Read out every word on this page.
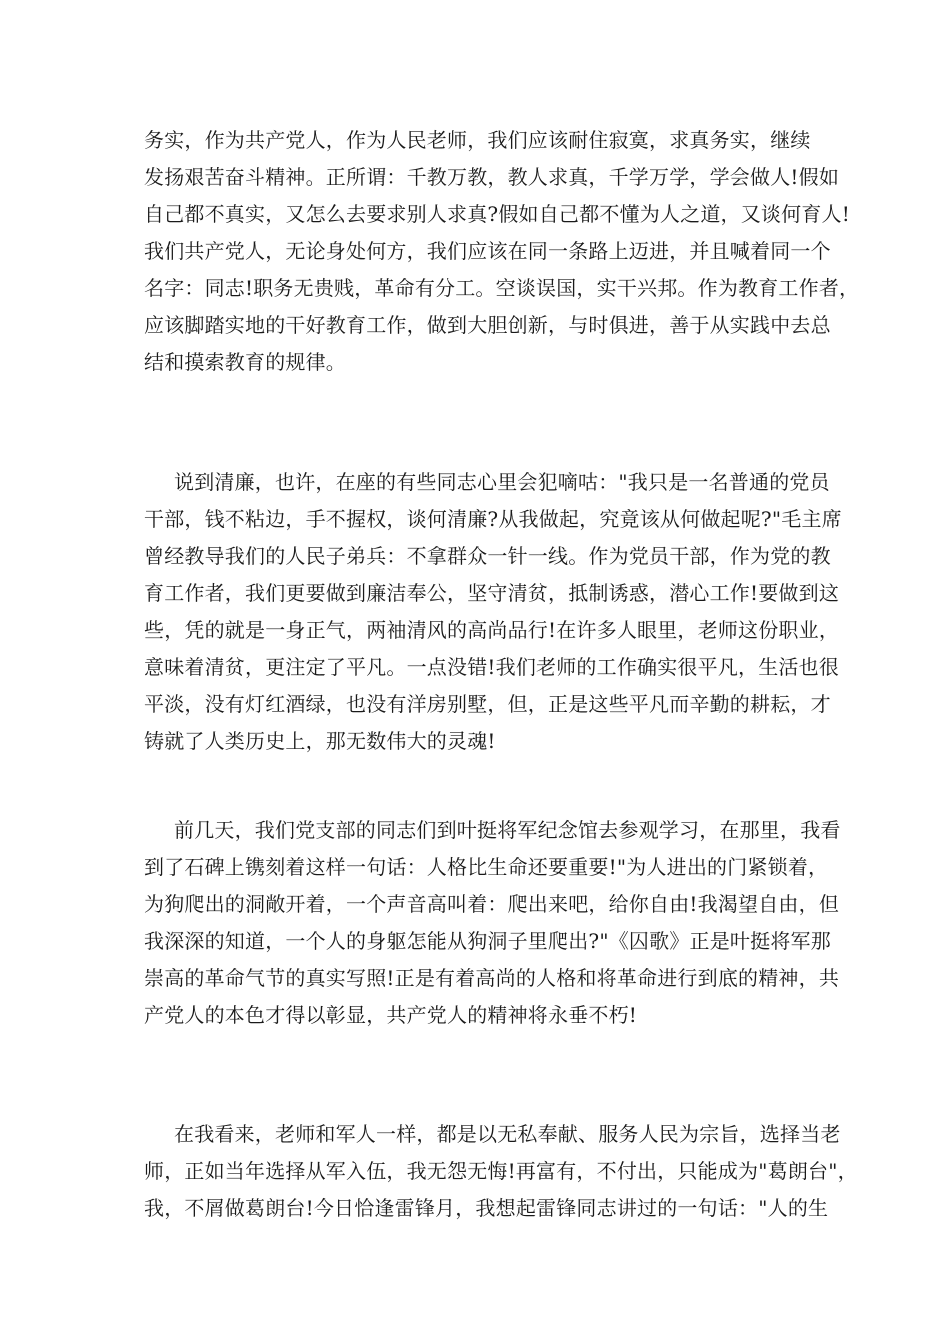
务实，作为共产党人，作为人民老师，我们应该耐住寂寞，求真务实，继续
发扬艰苦奋斗精神。正所谓：千教万教，教人求真，千学万学，学会做人!假如
自己都不真实，又怎么去要求别人求真?假如自己都不懂为人之道，又谈何育人!
我们共产党人，无论身处何方，我们应该在同一条路上迈进，并且喊着同一个
名字：同志!职务无贵贱，革命有分工。空谈误国，实干兴邦。作为教育工作者，
应该脚踏实地的干好教育工作，做到大胆创新，与时俱进，善于从实践中去总
结和摸索教育的规律。
说到清廉，也许，在座的有些同志心里会犯嘀咕："我只是一名普通的党员
干部，钱不粘边，手不握权，谈何清廉?从我做起，究竟该从何做起呢?"毛主席
曾经教导我们的人民子弟兵：不拿群众一针一线。作为党员干部，作为党的教
育工作者，我们更要做到廉洁奉公，坚守清贫，抵制诱惑，潜心工作!要做到这
些，凭的就是一身正气，两袖清风的高尚品行!在许多人眼里，老师这份职业，
意味着清贫，更注定了平凡。一点没错!我们老师的工作确实很平凡，生活也很
平淡，没有灯红酒绿，也没有洋房别墅，但，正是这些平凡而辛勤的耕耘，才
铸就了人类历史上，那无数伟大的灵魂!
前几天，我们党支部的同志们到叶挺将军纪念馆去参观学习，在那里，我看
到了石碑上镌刻着这样一句话：人格比生命还要重要!"为人进出的门紧锁着，
为狗爬出的洞敞开着，一个声音高叫着：爬出来吧，给你自由!我渴望自由，但
我深深的知道，一个人的身躯怎能从狗洞子里爬出?"《囚歌》正是叶挺将军那
崇高的革命气节的真实写照!正是有着高尚的人格和将革命进行到底的精神，共
产党人的本色才得以彰显，共产党人的精神将永垂不朽!
在我看来，老师和军人一样，都是以无私奉献、服务人民为宗旨，选择当老
师，正如当年选择从军入伍，我无怨无悔!再富有，不付出，只能成为"葛朗台"，
我，不屑做葛朗台!今日恰逢雷锋月，我想起雷锋同志讲过的一句话："人的生
